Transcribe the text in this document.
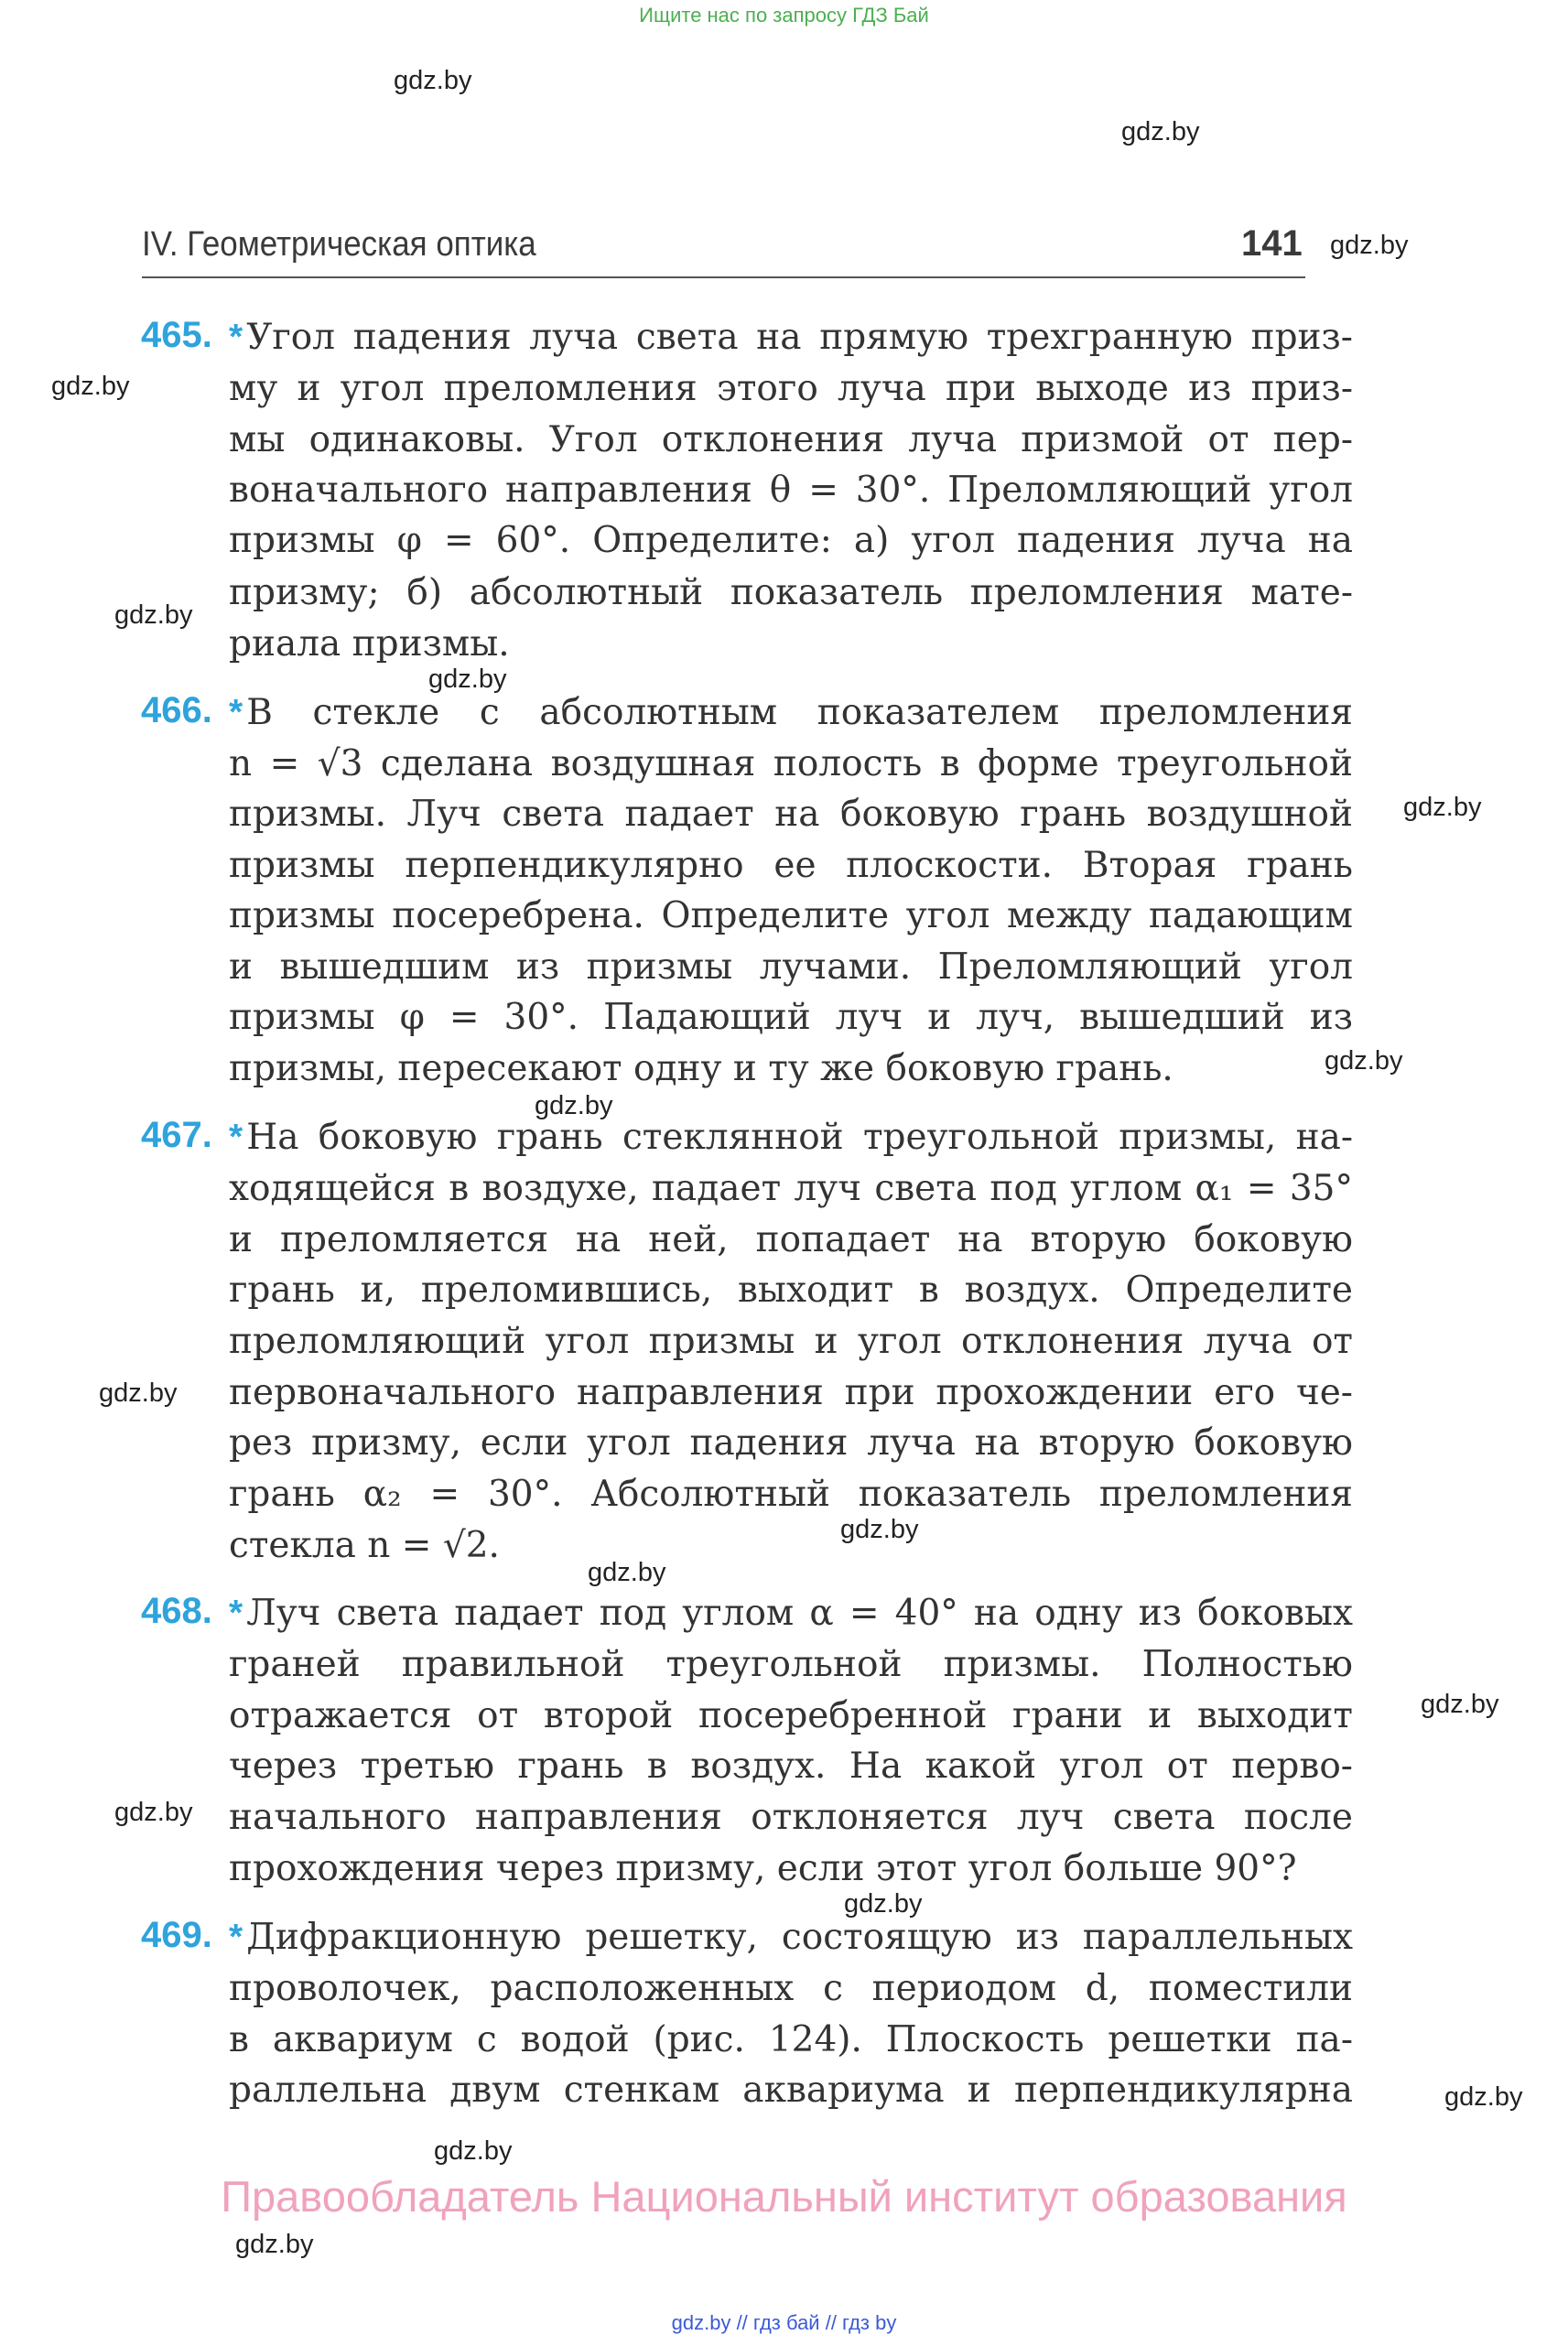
Ищите нас по запросу ГДЗ Бай
gdz.by
gdz.by
gdz.by
gdz.by
gdz.by
gdz.by
gdz.by
gdz.by
gdz.by
gdz.by
gdz.by
gdz.by
gdz.by
gdz.by
gdz.by
gdz.by
gdz.by
gdz.by
IV. Геометрическая оптика	141
465. * Угол падения луча света на прямую трехгранную приз-
му и угол преломления этого луча при выходе из приз-
мы одинаковы. Угол отклонения луча призмой от пер-
воначального направления θ = 30°. Преломляющий угол
призмы φ = 60°. Определите: а) угол падения луча на
призму; б) абсолютный показатель преломления мате-
риала призмы.
466. * В стекле с абсолютным показателем преломления
n = √3 сделана воздушная полость в форме треугольной
призмы. Луч света падает на боковую грань воздушной
призмы перпендикулярно ее плоскости. Вторая грань
призмы посеребрена. Определите угол между падающим
и вышедшим из призмы лучами. Преломляющий угол
призмы φ = 30°. Падающий луч и луч, вышедший из
призмы, пересекают одну и ту же боковую грань.
467. * На боковую грань стеклянной треугольной призмы, на-
ходящейся в воздухе, падает луч света под углом α₁ = 35°
и преломляется на ней, попадает на вторую боковую
грань и, преломившись, выходит в воздух. Определите
преломляющий угол призмы и угол отклонения луча от
первоначального направления при прохождении его че-
рез призму, если угол падения луча на вторую боковую
грань α₂ = 30°. Абсолютный показатель преломления
стекла n = √2.
468. * Луч света падает под углом α = 40° на одну из боковых
граней правильной треугольной призмы. Полностью
отражается от второй посеребренной грани и выходит
через третью грань в воздух. На какой угол от перво-
начального направления отклоняется луч света после
прохождения через призму, если этот угол больше 90°?
469. * Дифракционную решетку, состоящую из параллельных
проволочек, расположенных с периодом d, поместили
в аквариум с водой (рис. 124). Плоскость решетки па-
раллельна двум стенкам аквариума и перпендикулярна
Правообладатель Национальный институт образования
gdz.by // гдз бай // гдз by
